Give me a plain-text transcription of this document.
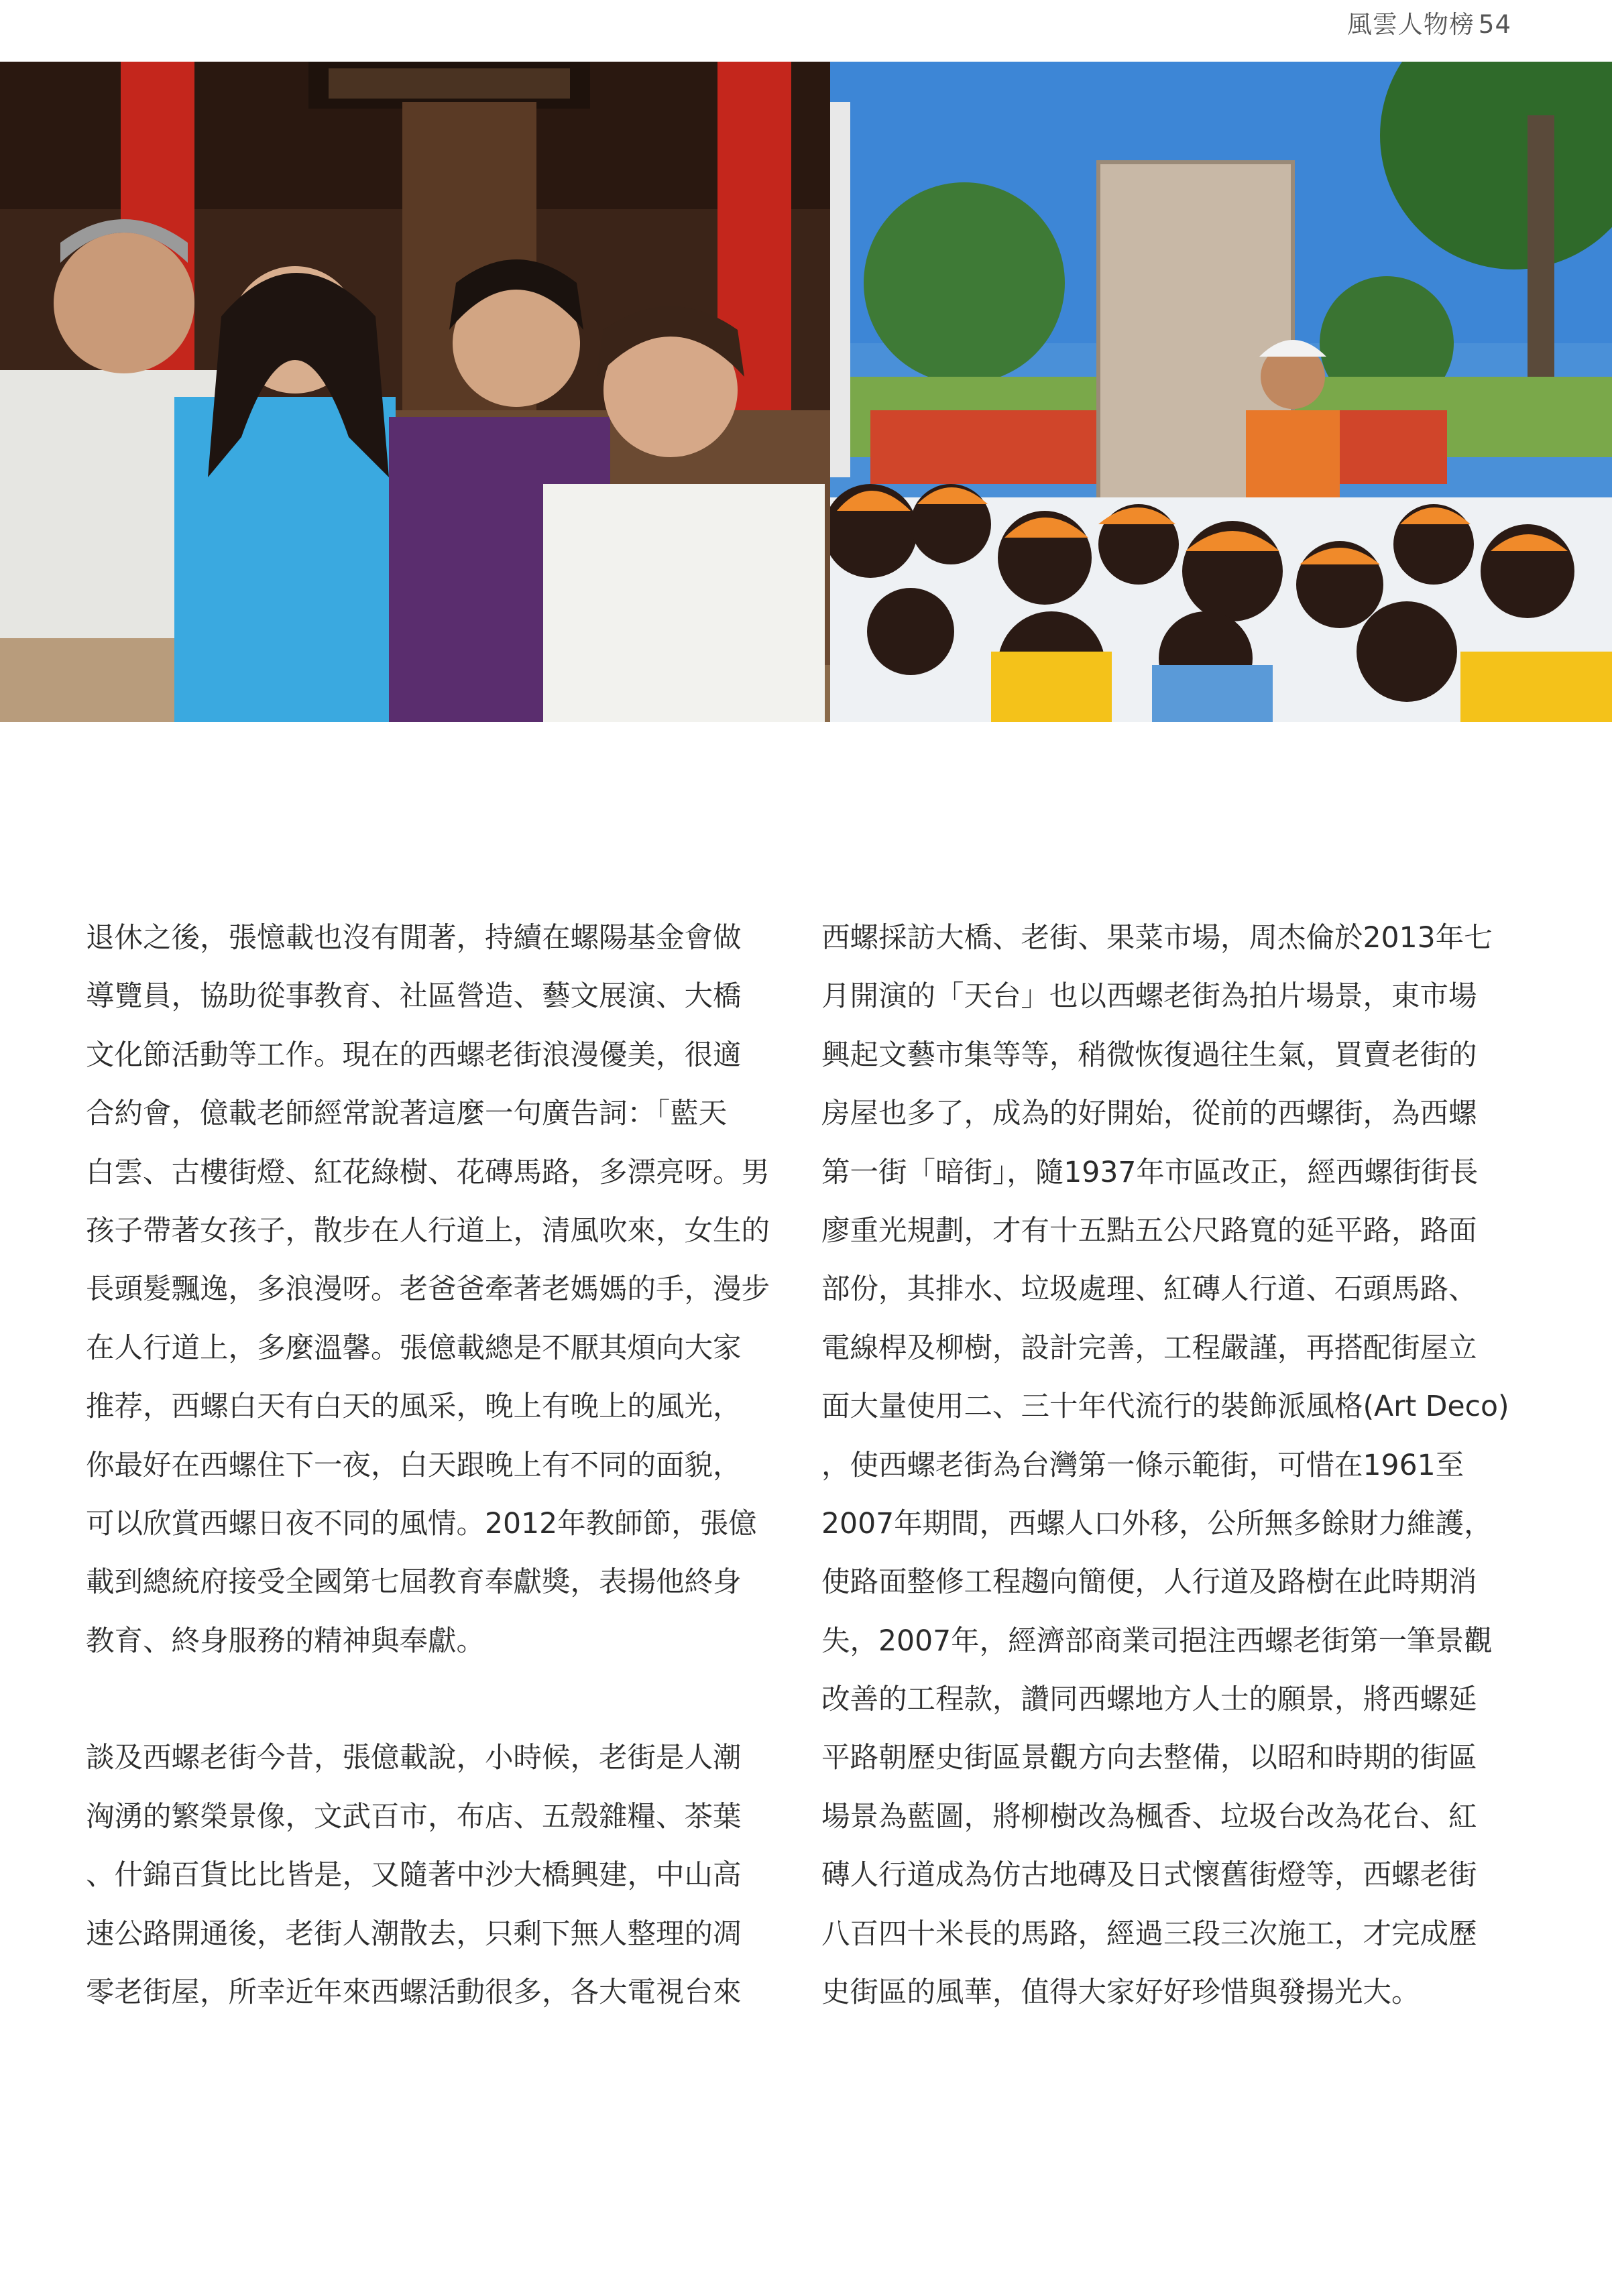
風雲人物榜 54
退休之後，張憶載也沒有閒著，持續在螺陽基金會做
導覽員，協助從事教育、社區營造、藝文展演、大橋
文化節活動等工作。現在的西螺老街浪漫優美，很適
合約會，億載老師經常說著這麼一句廣告詞：「藍天
白雲、古樓街燈、紅花綠樹、花磚馬路，多漂亮呀。男
孩子帶著女孩子，散步在人行道上，清風吹來，女生的
長頭髮飄逸，多浪漫呀。老爸爸牽著老媽媽的手，漫步
在人行道上，多麼溫馨。張億載總是不厭其煩向大家
推荐，西螺白天有白天的風采，晚上有晚上的風光，
你最好在西螺住下一夜，白天跟晚上有不同的面貌，
可以欣賞西螺日夜不同的風情。2012年教師節，張億
載到總統府接受全國第七屆教育奉獻獎，表揚他終身
教育、終身服務的精神與奉獻。
談及西螺老街今昔，張億載說，小時候，老街是人潮
洶湧的繁榮景像，文武百市，布店、五殼雜糧、茶葉
、什錦百貨比比皆是，又隨著中沙大橋興建，中山高
速公路開通後，老街人潮散去，只剩下無人整理的凋
零老街屋，所幸近年來西螺活動很多，各大電視台來
西螺採訪大橋、老街、果菜市場，周杰倫於2013年七
月開演的「天台」也以西螺老街為拍片場景，東市場
興起文藝市集等等，稍微恢復過往生氣，買賣老街的
房屋也多了，成為的好開始，從前的西螺街，為西螺
第一街「暗街」，隨1937年市區改正，經西螺街街長
廖重光規劃，才有十五點五公尺路寬的延平路，路面
部份，其排水、垃圾處理、紅磚人行道、石頭馬路、
電線桿及柳樹，設計完善，工程嚴謹，再搭配街屋立
面大量使用二、三十年代流行的裝飾派風格(Art Deco)
，使西螺老街為台灣第一條示範街，可惜在1961至
2007年期間，西螺人口外移，公所無多餘財力維護，
使路面整修工程趨向簡便，人行道及路樹在此時期消
失，2007年，經濟部商業司挹注西螺老街第一筆景觀
改善的工程款，讚同西螺地方人士的願景，將西螺延
平路朝歷史街區景觀方向去整備，以昭和時期的街區
場景為藍圖，將柳樹改為楓香、垃圾台改為花台、紅
磚人行道成為仿古地磚及日式懷舊街燈等，西螺老街
八百四十米長的馬路，經過三段三次施工，才完成歷
史街區的風華，值得大家好好珍惜與發揚光大。
